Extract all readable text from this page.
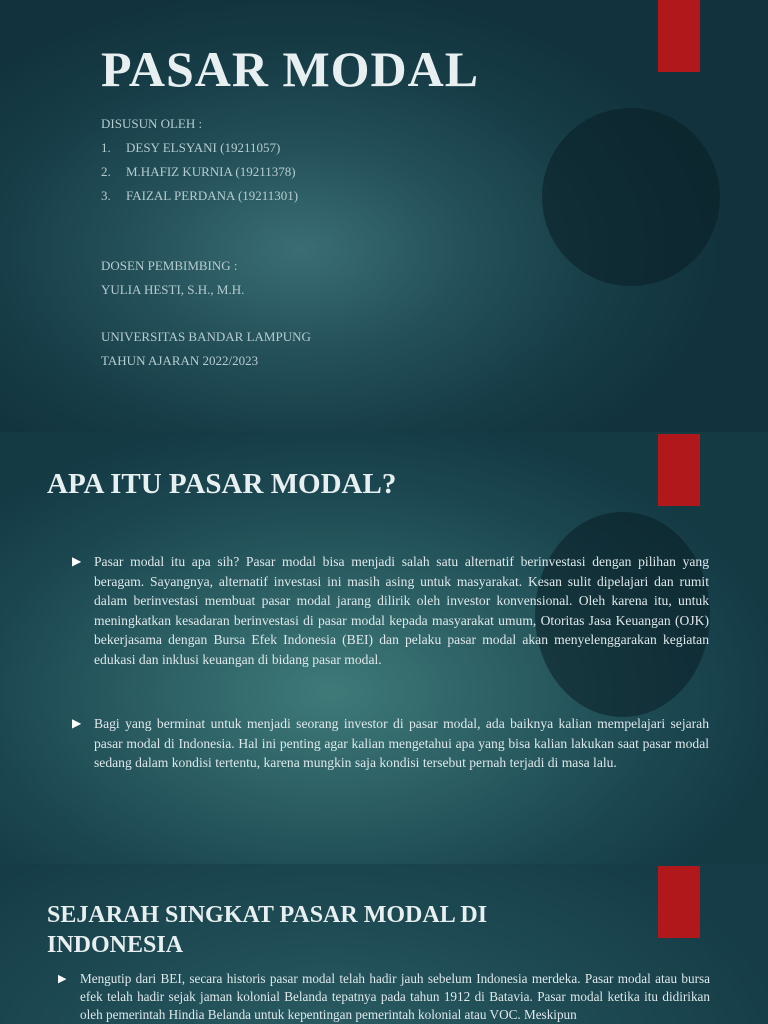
PASAR MODAL
DISUSUN OLEH :
1.	DESY ELSYANI (19211057)
2.	M.HAFIZ KURNIA (19211378)
3.	FAIZAL PERDANA (19211301)
DOSEN PEMBIMBING :
YULIA HESTI, S.H., M.H.
UNIVERSITAS BANDAR LAMPUNG
TAHUN AJARAN 2022/2023
APA ITU PASAR MODAL?
▶ Pasar modal itu apa sih? Pasar modal bisa menjadi salah satu alternatif berinvestasi dengan pilihan yang beragam. Sayangnya, alternatif investasi ini masih asing untuk masyarakat. Kesan sulit dipelajari dan rumit dalam berinvestasi membuat pasar modal jarang dilirik oleh investor konvensional. Oleh karena itu, untuk meningkatkan kesadaran berinvestasi di pasar modal kepada masyarakat umum, Otoritas Jasa Keuangan (OJK) bekerjasama dengan Bursa Efek Indonesia (BEI) dan pelaku pasar modal akan menyelenggarakan kegiatan edukasi dan inklusi keuangan di bidang pasar modal.

▶ Bagi yang berminat untuk menjadi seorang investor di pasar modal, ada baiknya kalian mempelajari sejarah pasar modal di Indonesia. Hal ini penting agar kalian mengetahui apa yang bisa kalian lakukan saat pasar modal sedang dalam kondisi tertentu, karena mungkin saja kondisi tersebut pernah terjadi di masa lalu.

SEJARAH SINGKAT PASAR MODAL DI INDONESIA
▶	Mengutip dari BEI, secara historis pasar modal telah hadir jauh sebelum Indonesia merdeka. Pasar modal atau bursa efek telah hadir sejak jaman kolonial Belanda tepatnya pada tahun 1912 di Batavia. Pasar modal ketika itu didirikan oleh pemerintah Hindia Belanda untuk kepentingan pemerintah kolonial atau VOC. Meskipun
